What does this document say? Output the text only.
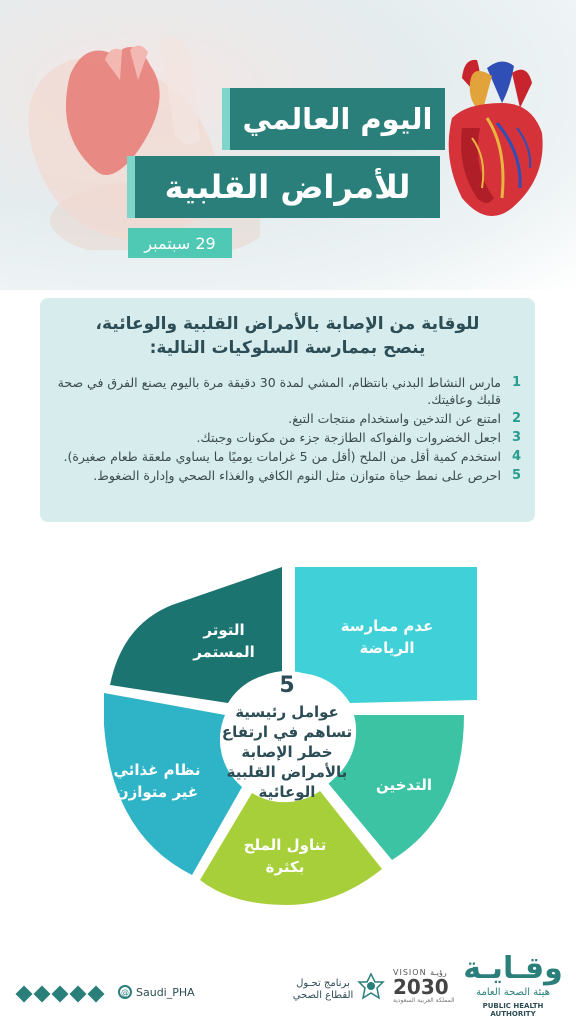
اليوم العالمي
للأمراض القلبية
29 سبتمبر
للوقاية من الإصابة بالأمراض القلبية والوعائية،
ينصح بممارسة السلوكيات التالية:
1
مارس النشاط البدني بانتظام، المشي لمدة 30 دقيقة مرة باليوم يصنع الفرق في صحة قلبك وعافيتك.
2
امتنع عن التدخين واستخدام منتجات التبغ.
3
اجعل الخضروات والفواكه الطازجة جزء من مكونات وجبتك.
4
استخدم كمية أقل من الملح (أقل من 5 غرامات يوميًا ما يساوي ملعقة طعام صغيرة).
5
احرص على نمط حياة متوازن مثل النوم الكافي والغذاء الصحي وإدارة الضغوط.
5
عوامل رئيسية
تساهم في ارتفاع
خطر الإصابة
بالأمراض القلبية
الوعائية
عدم ممارسة
الرياضة
التدخين
تناول الملح
بكثرة
نظام غذائي
غير متوازن
التوتر
المستمر
@ Saudi_PHA
برنامج تحـول
القطاع الصحي
VISION رؤيـة
2030
المملكة العربية السعودية
وقـايـة
هيئة الصحة العامة
PUBLIC HEALTH AUTHORITY
